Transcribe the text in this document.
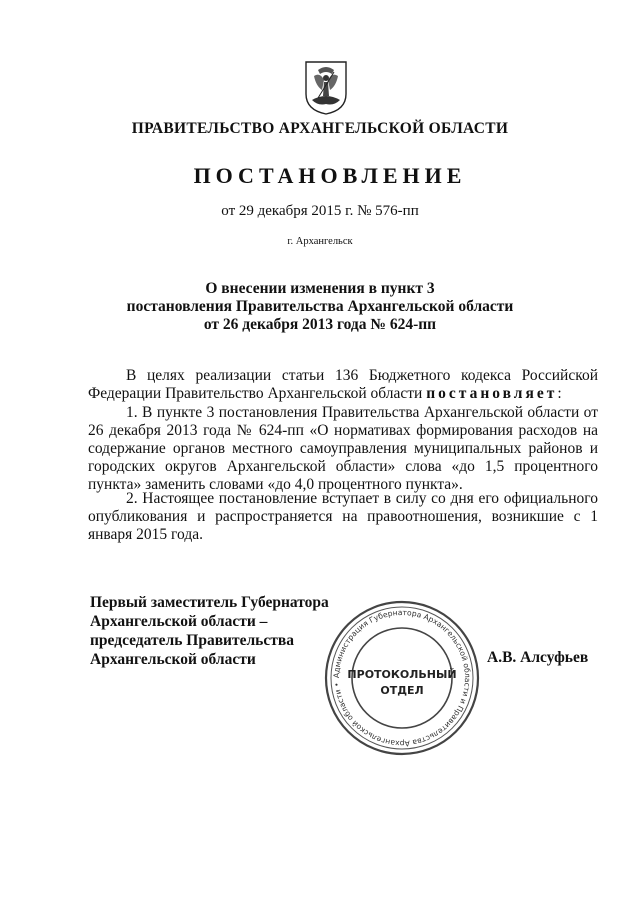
ПРАВИТЕЛЬСТВО АРХАНГЕЛЬСКОЙ ОБЛАСТИ
ПОСТАНОВЛЕНИЕ
от 29 декабря 2015 г. № 576-пп
г. Архангельск
О внесении изменения в пункт 3
постановления Правительства Архангельской области
от 26 декабря 2013 года № 624-пп
В целях реализации статьи 136 Бюджетного кодекса Российской Федерации Правительство Архангельской области постановляет:
1. В пункте 3 постановления Правительства Архангельской области от 26 декабря 2013 года № 624-пп «О нормативах формирования расходов на содержание органов местного самоуправления муниципальных районов и городских округов Архангельской области» слова «до 1,5 процентного пункта» заменить словами «до 4,0 процентного пункта».
2. Настоящее постановление вступает в силу со дня его официального опубликования и распространяется на правоотношения, возникшие с 1 января 2015 года.
Первый заместитель Губернатора
Архангельской области –
председатель Правительства
Архангельской области
Администрация Губернатора Архангельской области и Правительства Архангельской области •
ПРОТОКОЛЬНЫЙ
ОТДЕЛ
А.В. Алсуфьев
